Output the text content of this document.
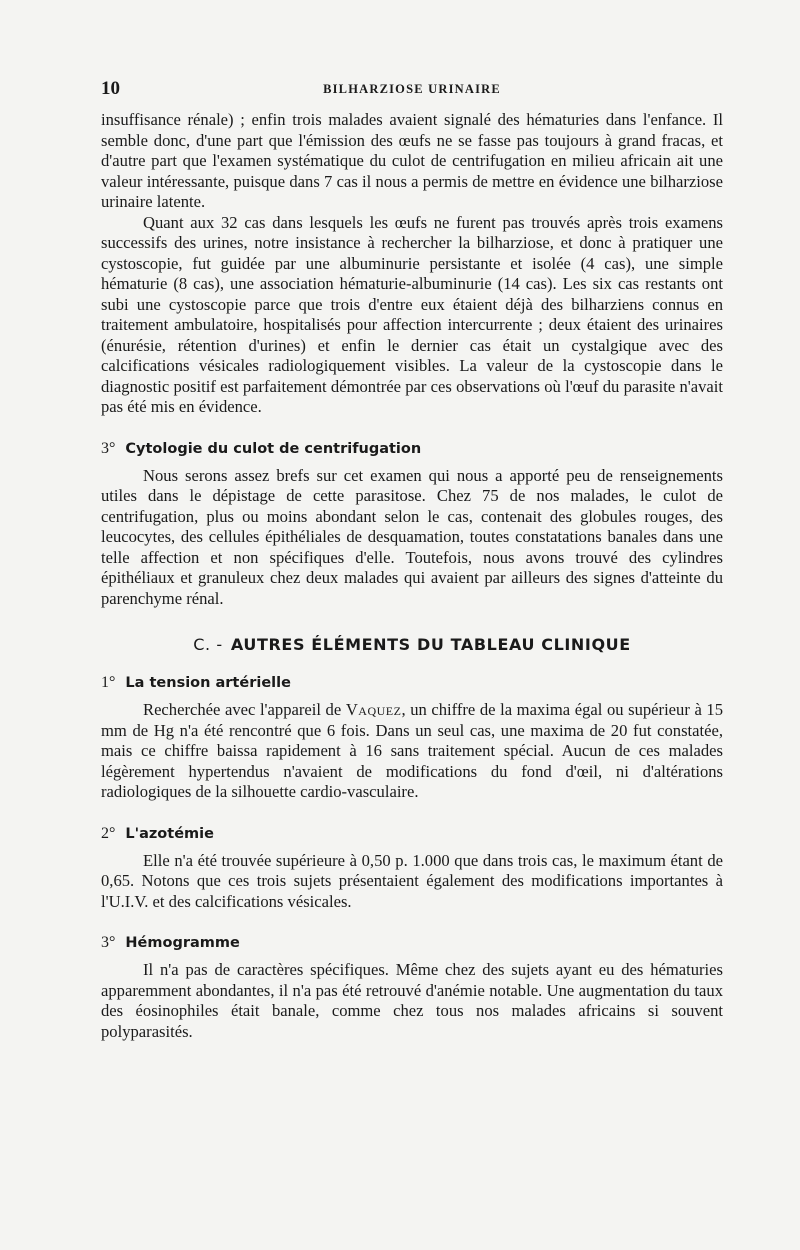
10	BILHARZIOSE URINAIRE

insuffisance rénale) ; enfin trois malades avaient signalé des hématuries dans l'enfance. Il semble donc, d'une part que l'émission des œufs ne se fasse pas toujours à grand fracas, et d'autre part que l'examen systématique du culot de centrifugation en milieu africain ait une valeur intéressante, puisque dans 7 cas il nous a permis de mettre en évidence une bilharziose urinaire latente.

Quant aux 32 cas dans lesquels les œufs ne furent pas trouvés après trois examens successifs des urines, notre insistance à rechercher la bilharziose, et donc à pratiquer une cystoscopie, fut guidée par une albuminurie persistante et isolée (4 cas), une simple hématurie (8 cas), une association hématurie-albuminurie (14 cas). Les six cas restants ont subi une cystoscopie parce que trois d'entre eux étaient déjà des bilharziens connus en traitement ambulatoire, hospitalisés pour affection intercurrente ; deux étaient des urinaires (énurésie, rétention d'urines) et enfin le dernier cas était un cystalgique avec des calcifications vésicales radiologiquement visibles. La valeur de la cystoscopie dans le diagnostic positif est parfaitement démontrée par ces observations où l'œuf du parasite n'avait pas été mis en évidence.

3° Cytologie du culot de centrifugation

Nous serons assez brefs sur cet examen qui nous a apporté peu de renseignements utiles dans le dépistage de cette parasitose. Chez 75 de nos malades, le culot de centrifugation, plus ou moins abondant selon le cas, contenait des globules rouges, des leucocytes, des cellules épithéliales de desquamation, toutes constatations banales dans une telle affection et non spécifiques d'elle. Toutefois, nous avons trouvé des cylindres épithéliaux et granuleux chez deux malades qui avaient par ailleurs des signes d'atteinte du parenchyme rénal.

C. - AUTRES ÉLÉMENTS DU TABLEAU CLINIQUE
1° La tension artérielle

Recherchée avec l'appareil de Vaquez, un chiffre de la maxima égal ou supérieur à 15 mm de Hg n'a été rencontré que 6 fois. Dans un seul cas, une maxima de 20 fut constatée, mais ce chiffre baissa rapidement à 16 sans traitement spécial. Aucun de ces malades légèrement hypertendus n'avaient de modifications du fond d'œil, ni d'altérations radiologiques de la silhouette cardio-vasculaire.

2° L'azotémie

Elle n'a été trouvée supérieure à 0,50 p. 1.000 que dans trois cas, le maximum étant de 0,65. Notons que ces trois sujets présentaient également des modifications importantes à l'U.I.V. et des calcifications vésicales.

3° Hémogramme

Il n'a pas de caractères spécifiques. Même chez des sujets ayant eu des hématuries apparemment abondantes, il n'a pas été retrouvé d'anémie notable. Une augmentation du taux des éosinophiles était banale, comme chez tous nos malades africains si souvent polyparasités.
